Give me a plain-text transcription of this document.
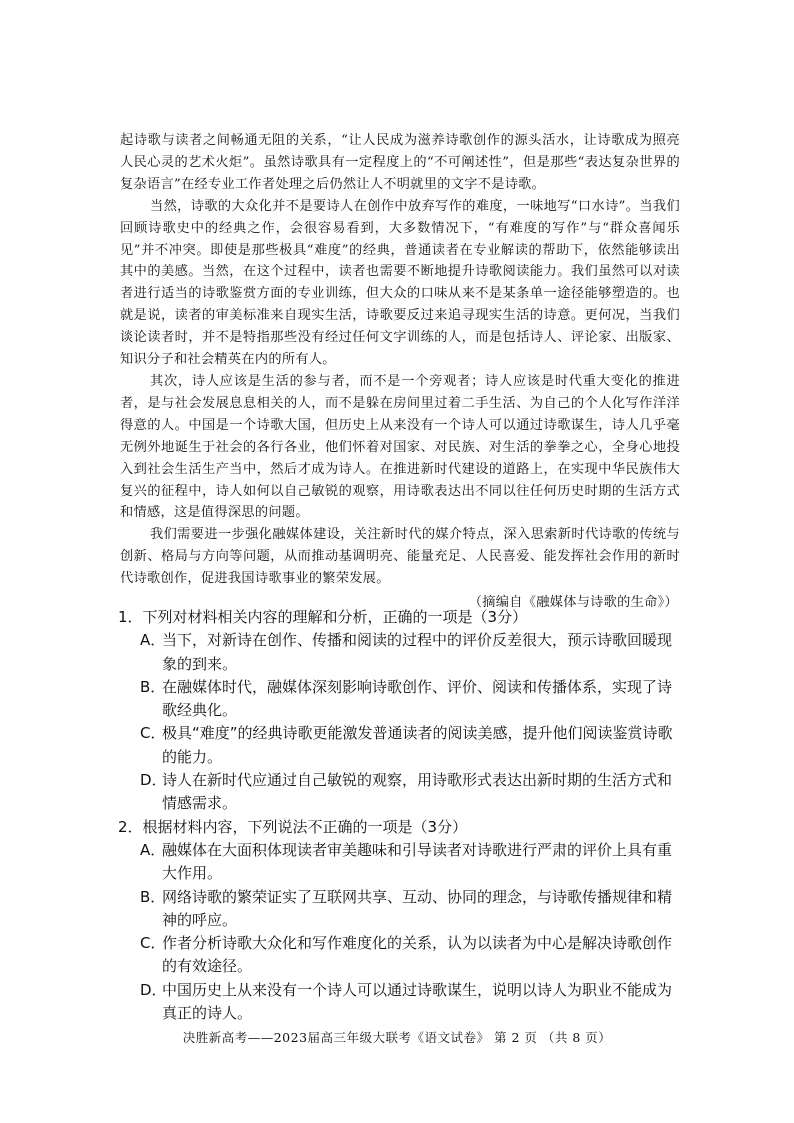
起诗歌与读者之间畅通无阻的关系，“让人民成为滋养诗歌创作的源头活水，让诗歌成为照亮人民心灵的艺术火炬”。虽然诗歌具有一定程度上的“不可阐述性”，但是那些“表达复杂世界的复杂语言”在经专业工作者处理之后仍然让人不明就里的文字不是诗歌。

当然，诗歌的大众化并不是要诗人在创作中放弃写作的难度，一味地写“口水诗”。当我们回顾诗歌史中的经典之作，会很容易看到，大多数情况下，“有难度的写作”与“群众喜闻乐见”并不冲突。即使是那些极具“难度”的经典，普通读者在专业解读的帮助下，依然能够读出其中的美感。当然，在这个过程中，读者也需要不断地提升诗歌阅读能力。我们虽然可以对读者进行适当的诗歌鉴赏方面的专业训练，但大众的口味从来不是某条单一途径能够塑造的。也就是说，读者的审美标准来自现实生活，诗歌要反过来追寻现实生活的诗意。更何况，当我们谈论读者时，并不是特指那些没有经过任何文字训练的人，而是包括诗人、评论家、出版家、知识分子和社会精英在内的所有人。

其次，诗人应该是生活的参与者，而不是一个旁观者；诗人应该是时代重大变化的推进者，是与社会发展息息相关的人，而不是躲在房间里过着二手生活、为自己的个人化写作洋洋得意的人。中国是一个诗歌大国，但历史上从来没有一个诗人可以通过诗歌谋生，诗人几乎毫无例外地诞生于社会的各行各业，他们怀着对国家、对民族、对生活的拳拳之心，全身心地投入到社会生活生产当中，然后才成为诗人。在推进新时代建设的道路上，在实现中华民族伟大复兴的征程中，诗人如何以自己敏锐的观察，用诗歌表达出不同以往任何历史时期的生活方式和情感，这是值得深思的问题。

我们需要进一步强化融媒体建设，关注新时代的媒介特点，深入思索新时代诗歌的传统与创新、格局与方向等问题，从而推动基调明亮、能量充足、人民喜爱、能发挥社会作用的新时代诗歌创作，促进我国诗歌事业的繁荣发展。

（摘编自《融媒体与诗歌的生命》）

1．下列对材料相关内容的理解和分析，正确的一项是（3分）

A．当下，对新诗在创作、传播和阅读的过程中的评价反差很大，预示诗歌回暖现象的到来。

B．在融媒体时代，融媒体深刻影响诗歌创作、评价、阅读和传播体系，实现了诗歌经典化。

C．极具“难度”的经典诗歌更能激发普通读者的阅读美感，提升他们阅读鉴赏诗歌的能力。

D．诗人在新时代应通过自己敏锐的观察，用诗歌形式表达出新时期的生活方式和情感需求。

2．根据材料内容，下列说法不正确的一项是（3分）

A．融媒体在大面积体现读者审美趣味和引导读者对诗歌进行严肃的评价上具有重大作用。

B．网络诗歌的繁荣证实了互联网共享、互动、协同的理念，与诗歌传播规律和精神的呼应。

C．作者分析诗歌大众化和写作难度化的关系，认为以读者为中心是解决诗歌创作的有效途径。

D．中国历史上从来没有一个诗人可以通过诗歌谋生，说明以诗人为职业不能成为真正的诗人。

决胜新高考——2023届高三年级大联考《语文试卷》 第 2 页 （共 8 页）
